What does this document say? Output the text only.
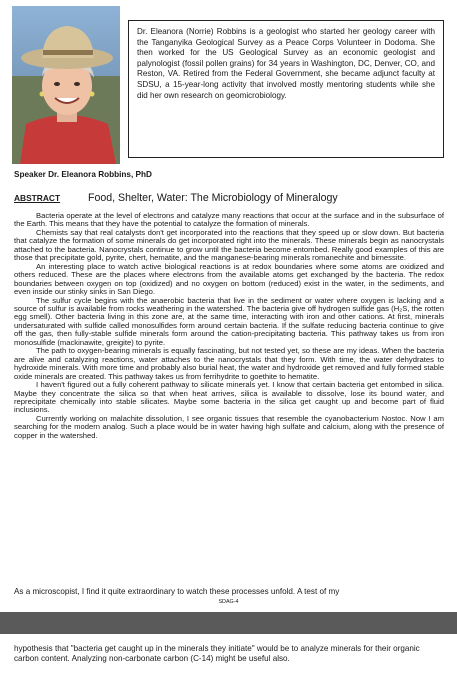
Dr. Eleanora (Norrie) Robbins is a geologist who started her geology career with the Tanganyika Geological Survey as a Peace Corps Volunteer in Dodoma. She then worked for the US Geological Survey as an economic geologist and palynologist (fossil pollen grains) for 34 years in Washington, DC, Denver, CO, and Reston, VA. Retired from the Federal Government, she became adjunct faculty at SDSU, a 15-year-long activity that involved mostly mentoring students while she did her own research on geomicrobiology.

Speaker Dr. Eleanora Robbins, PhD
ABSTRACT	Food, Shelter, Water: The Microbiology of Mineralogy

Bacteria operate at the level of electrons and catalyze many reactions that occur at the surface and in the subsurface of the Earth. This means that they have the potential to catalyze the formation of minerals.

Chemists say that real catalysts don't get incorporated into the reactions that they speed up or slow down. But bacteria that catalyze the formation of some minerals do get incorporated right into the minerals. These minerals begin as nanocrystals attached to the bacteria. Nanocrystals continue to grow until the bacteria become entombed. Really good examples of this are those that precipitate gold, pyrite, chert, hematite, and the manganese-bearing minerals romanechite and birnessite.

An interesting place to watch active biological reactions is at redox boundaries where some atoms are oxidized and others reduced. These are the places where electrons from the available atoms get exchanged by the bacteria. The redox boundaries between oxygen on top (oxidized) and no oxygen on bottom (reduced) exist in the water, in the sediments, and even inside our stinky sinks in San Diego.

The sulfur cycle begins with the anaerobic bacteria that live in the sediment or water where oxygen is lacking and a source of sulfur is available from rocks weathering in the watershed. The bacteria give off hydrogen sulfide gas (H₂S, the rotten egg smell). Other bacteria living in this zone are, at the same time, interacting with iron and other cations. At first, minerals undersaturated with sulfide called monosulfides form around certain bacteria. If the sulfate reducing bacteria continue to give off the gas, then fully-stable sulfide minerals form around the cation-precipitating bacteria. This pathway takes us from iron monosulfide (mackinawite, greigite) to pyrite.

The path to oxygen-bearing minerals is equally fascinating, but not tested yet, so these are my ideas. When the bacteria are alive and catalyzing reactions, water attaches to the nanocrystals that they form. With time, the water dehydrates to hydroxide minerals. With more time and probably also burial heat, the water and hydroxide get removed and fully formed stable oxide minerals are created. This pathway takes us from ferrihydrite to goethite to hematite.

I haven't figured out a fully coherent pathway to silicate minerals yet. I know that certain bacteria get entombed in silica. Maybe they concentrate the silica so that when heat arrives, silica is available to dissolve, lose its bound water, and reprecipitate chemically into stable silicates. Maybe some bacteria in the silica get caught up and become part of fluid inclusions.

Currently working on malachite dissolution, I see organic tissues that resemble the cyanobacterium Nostoc. Now I am searching for the modern analog. Such a place would be in water having high sulfate and calcium, along with the presence of copper in the watershed.

As a microscopist, I find it quite extraordinary to watch these processes unfold. A test of my

SDAG-4

hypothesis that "bacteria get caught up in the minerals they initiate" would be to analyze minerals for their organic carbon content. Analyzing non-carbonate carbon (C-14) might be useful also.
